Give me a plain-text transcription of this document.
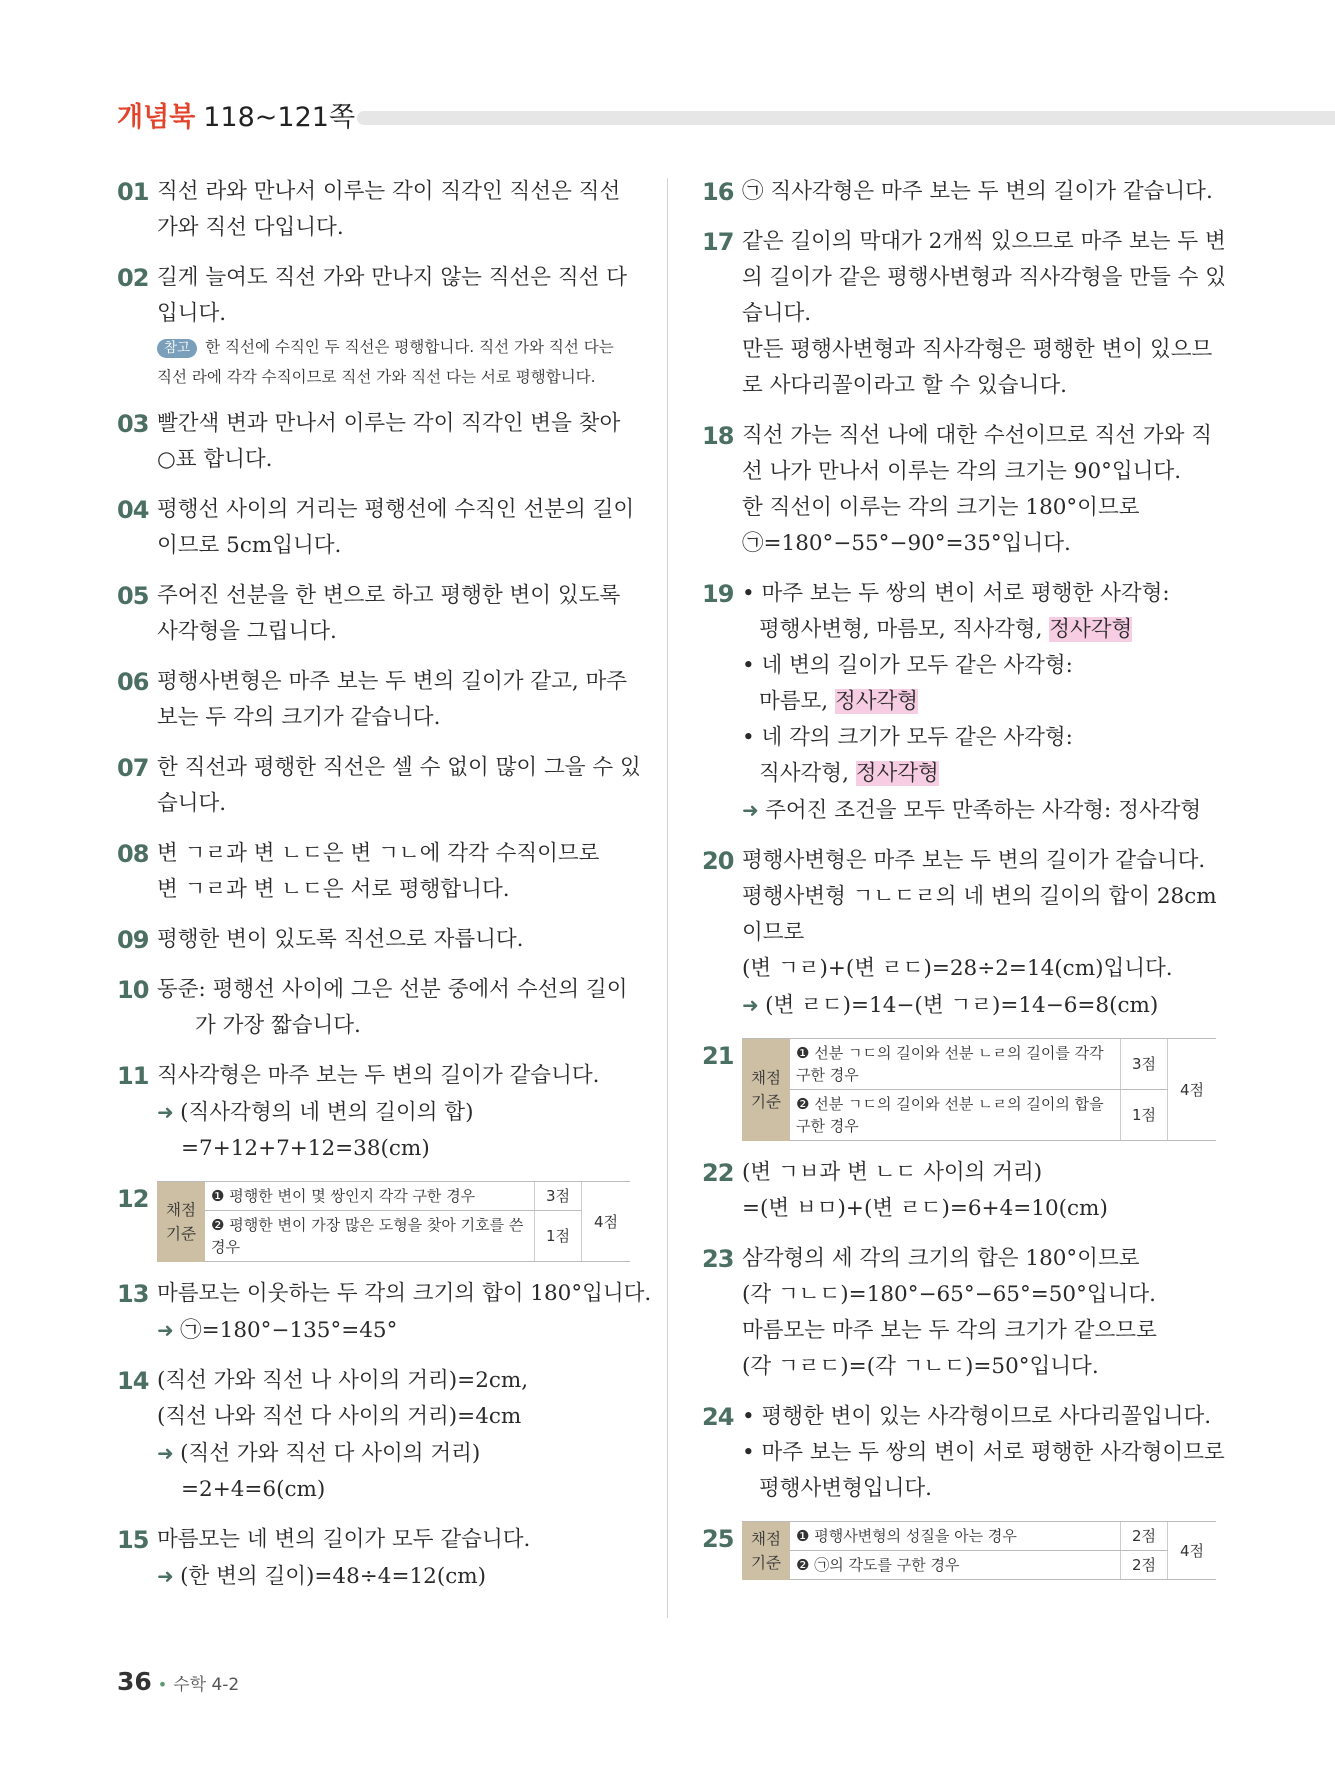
개념북 118~121쪽
01 직선 라와 만나서 이루는 각이 직각인 직선은 직선
가와 직선 다입니다.
02 길게 늘여도 직선 가와 만나지 않는 직선은 직선 다
입니다.
참고 한 직선에 수직인 두 직선은 평행합니다. 직선 가와 직선 다는
직선 라에 각각 수직이므로 직선 가와 직선 다는 서로 평행합니다.
03 빨간색 변과 만나서 이루는 각이 직각인 변을 찾아
○표 합니다.
04 평행선 사이의 거리는 평행선에 수직인 선분의 길이
이므로 5cm입니다.
05 주어진 선분을 한 변으로 하고 평행한 변이 있도록
사각형을 그립니다.
06 평행사변형은 마주 보는 두 변의 길이가 같고, 마주
보는 두 각의 크기가 같습니다.
07 한 직선과 평행한 직선은 셀 수 없이 많이 그을 수 있
습니다.
08 변 ㄱㄹ과 변 ㄴㄷ은 변 ㄱㄴ에 각각 수직이므로
변 ㄱㄹ과 변 ㄴㄷ은 서로 평행합니다.
09 평행한 변이 있도록 직선으로 자릅니다.
10 동준: 평행선 사이에 그은 선분 중에서 수선의 길이
가 가장 짧습니다.
11 직사각형은 마주 보는 두 변의 길이가 같습니다.
➜ (직사각형의 네 변의 길이의 합)
=7+12+7+12=38(cm)
12 채점 기준	❶ 평행한 변이 몇 쌍인지 각각 구한 경우	3점	4점
	❷ 평행한 변이 가장 많은 도형을 찾아 기호를 쓴 경우	1점	
13 마름모는 이웃하는 두 각의 크기의 합이 180°입니다.
➜ ㉠=180°−135°=45°
14 (직선 가와 직선 나 사이의 거리)=2cm,
(직선 나와 직선 다 사이의 거리)=4cm
➜ (직선 가와 직선 다 사이의 거리)
=2+4=6(cm)
15 마름모는 네 변의 길이가 모두 같습니다.
➜ (한 변의 길이)=48÷4=12(cm)
16 ㉠ 직사각형은 마주 보는 두 변의 길이가 같습니다.
17 같은 길이의 막대가 2개씩 있으므로 마주 보는 두 변
의 길이가 같은 평행사변형과 직사각형을 만들 수 있
습니다.
만든 평행사변형과 직사각형은 평행한 변이 있으므
로 사다리꼴이라고 할 수 있습니다.
18 직선 가는 직선 나에 대한 수선이므로 직선 가와 직
선 나가 만나서 이루는 각의 크기는 90°입니다.
한 직선이 이루는 각의 크기는 180°이므로
㉠=180°−55°−90°=35°입니다.
19 • 마주 보는 두 쌍의 변이 서로 평행한 사각형:
평행사변형, 마름모, 직사각형, 정사각형
• 네 변의 길이가 모두 같은 사각형:
마름모, 정사각형
• 네 각의 크기가 모두 같은 사각형:
직사각형, 정사각형
➜ 주어진 조건을 모두 만족하는 사각형: 정사각형
20 평행사변형은 마주 보는 두 변의 길이가 같습니다.
평행사변형 ㄱㄴㄷㄹ의 네 변의 길이의 합이 28cm
이므로
(변 ㄱㄹ)+(변 ㄹㄷ)=28÷2=14(cm)입니다.
➜ (변 ㄹㄷ)=14−(변 ㄱㄹ)=14−6=8(cm)
21
채점 기준	❶ 선분 ㄱㄷ의 길이와 선분 ㄴㄹ의 길이를 각각 구한 경우	3점	4점
	❷ 선분 ㄱㄷ의 길이와 선분 ㄴㄹ의 길이의 합을 구한 경우	1점	
22 (변 ㄱㅂ과 변 ㄴㄷ 사이의 거리)
=(변 ㅂㅁ)+(변 ㄹㄷ)=6+4=10(cm)
23 삼각형의 세 각의 크기의 합은 180°이므로
(각 ㄱㄴㄷ)=180°−65°−65°=50°입니다.
마름모는 마주 보는 두 각의 크기가 같으므로
(각 ㄱㄹㄷ)=(각 ㄱㄴㄷ)=50°입니다.
24 • 평행한 변이 있는 사각형이므로 사다리꼴입니다.
• 마주 보는 두 쌍의 변이 서로 평행한 사각형이므로
평행사변형입니다.
25 채점 기준	❶ 평행사변형의 성질을 아는 경우	2점	4점
	❷ ㉠의 각도를 구한 경우	2점	
36 • 수학 4-2
